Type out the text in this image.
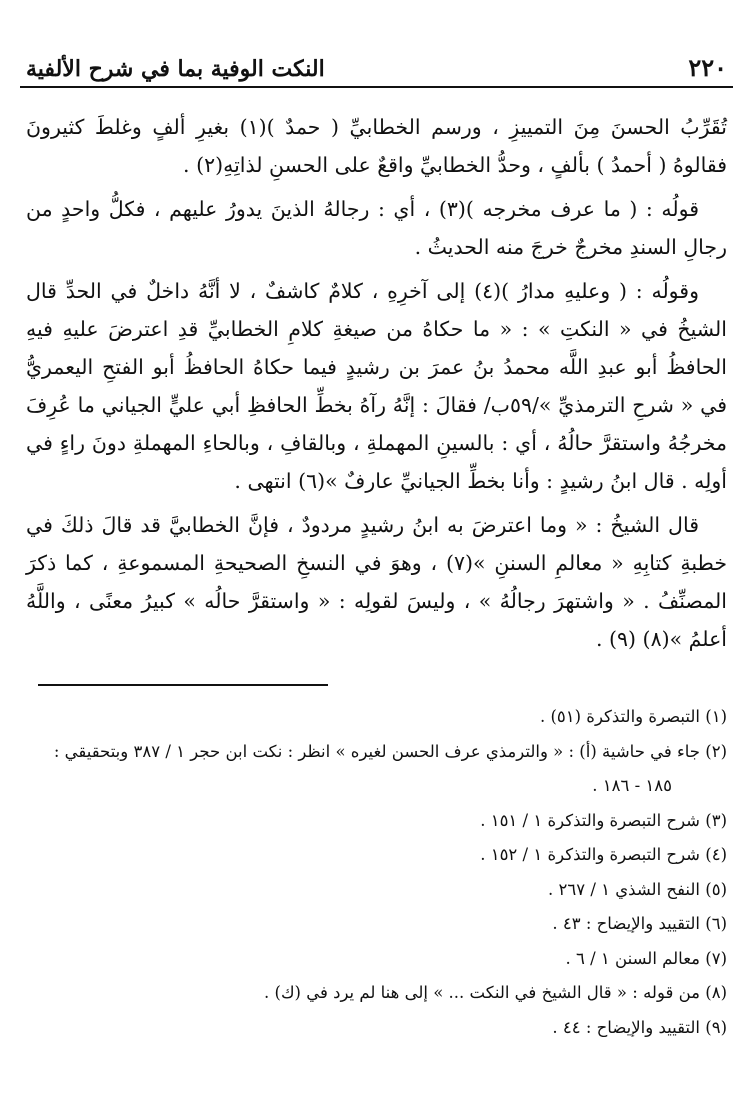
٢٢٠
النكت الوفية بما في شرح الألفية

تُقَرِّبُ الحسنَ مِنَ التمييزِ ، ورسم الخطابيِّ ( حمدٌ )(١) بغيرِ ألفٍ وغلطَ كثيرونَ فقالوهُ ( أحمدُ ) بألفٍ ، وحدُّ الخطابيِّ واقعٌ على الحسنِ لذاتِهِ(٢) .

قولُه : ( ما عرف مخرجه )(٣) ، أي : رجالهُ الذينَ يدورُ عليهم ، فكلُّ واحدٍ من رجالِ السندِ مخرجٌ خرجَ منه الحديثُ .

وقولُه : ( وعليهِ مدارُ )(٤) إلى آخرِهِ ، كلامٌ كاشفٌ ، لا أنَّهُ داخلٌ في الحدِّ قال الشيخُ في « النكتِ » : « ما حكاهُ من صيغةِ كلامِ الخطابيِّ قدِ اعترضَ عليهِ فيهِ الحافظُ أبو عبدِ اللَّه محمدُ بنُ عمرَ بن رشيدٍ فيما حكاهُ الحافظُ أبو الفتحِ اليعمريُّ في « شرحِ الترمذيِّ »/٥٩ب/ فقالَ : إنَّهُ رآهُ بخطِّ الحافظِ أبي عليٍّ الجياني ما عُرِفَ مخرجُهُ واستقرَّ حالُهُ ، أي : بالسينِ المهملةِ ، وبالقافِ ، وبالحاءِ المهملةِ دونَ راءٍ في أولِه . قال ابنُ رشيدٍ : وأنا بخطِّ الجيانيِّ عارفٌ »(٦) انتهى .

قال الشيخُ : « وما اعترضَ به ابنُ رشيدٍ مردودٌ ، فإنَّ الخطابيَّ قد قالَ ذلكَ في خطبةِ كتابِهِ « معالمِ السننِ »(٧) ، وهوَ في النسخِ الصحيحةِ المسموعةِ ، كما ذكرَ المصنِّفُ . « واشتهرَ رجالُهُ » ، وليسَ لقولِه : « واستقرَّ حالُه » كبيرُ معنًى ، واللَّهُ أعلمُ »(٨) (٩) .

(١) التبصرة والتذكرة (٥١) .

(٢) جاء في حاشية (أ) : « والترمذي عرف الحسن لغيره » انظر : نكت ابن حجر ١ / ٣٨٧ وبتحقيقي :

١٨٥ - ١٨٦ .

(٣) شرح التبصرة والتذكرة ١ / ١٥١ .

(٤) شرح التبصرة والتذكرة ١ / ١٥٢ .

(٥) النفح الشذي ١ / ٢٦٧ .

(٦) التقييد والإيضاح : ٤٣ .

(٧) معالم السنن ١ / ٦ .

(٨) من قوله : « قال الشيخ في النكت ... » إلى هنا لم يرد في (ك) .

(٩) التقييد والإيضاح : ٤٤ .
